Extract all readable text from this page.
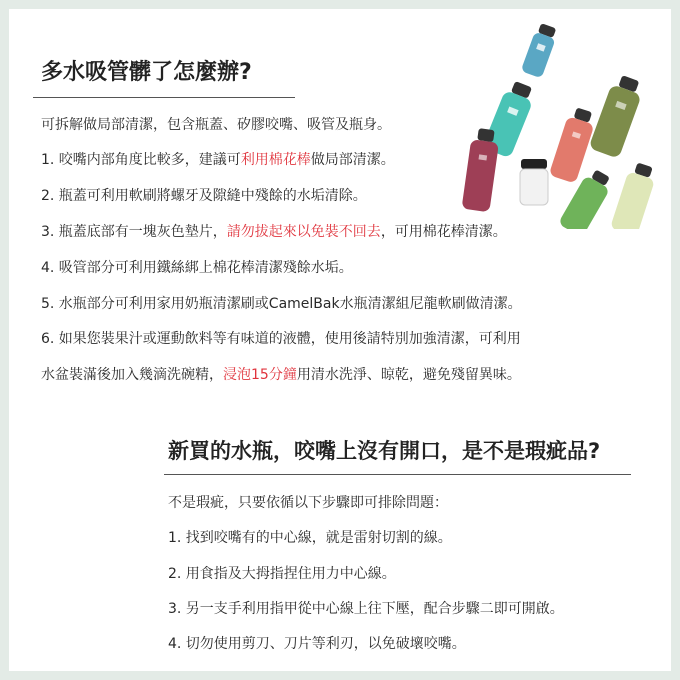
多水吸管髒了怎麼辦?
可拆解做局部清潔，包含瓶蓋、矽膠咬嘴、吸管及瓶身。
1. 咬嘴内部角度比較多，建議可利用棉花棒做局部清潔。
2. 瓶蓋可利用軟刷將螺牙及隙縫中殘餘的水垢清除。
3. 瓶蓋底部有一塊灰色墊片，請勿拔起來以免裝不回去，可用棉花棒清潔。
4. 吸管部分可利用鐵絲綁上棉花棒清潔殘餘水垢。
5. 水瓶部分可利用家用奶瓶清潔刷或CamelBak水瓶清潔組尼龍軟刷做清潔。
6. 如果您裝果汁或運動飲料等有味道的液體，使用後請特別加強清潔，可利用
水盆裝滿後加入幾滴洗碗精，浸泡15分鐘用清水洗淨、晾乾，避免殘留異味。
新買的水瓶，咬嘴上沒有開口，是不是瑕疵品?
不是瑕疵，只要依循以下步驟即可排除問題：
1. 找到咬嘴有的中心線，就是雷射切割的線。
2. 用食指及大拇指捏住用力中心線。
3. 另一支手利用指甲從中心線上往下壓，配合步驟二即可開啟。
4. 切勿使用剪刀、刀片等利刃，以免破壞咬嘴。
